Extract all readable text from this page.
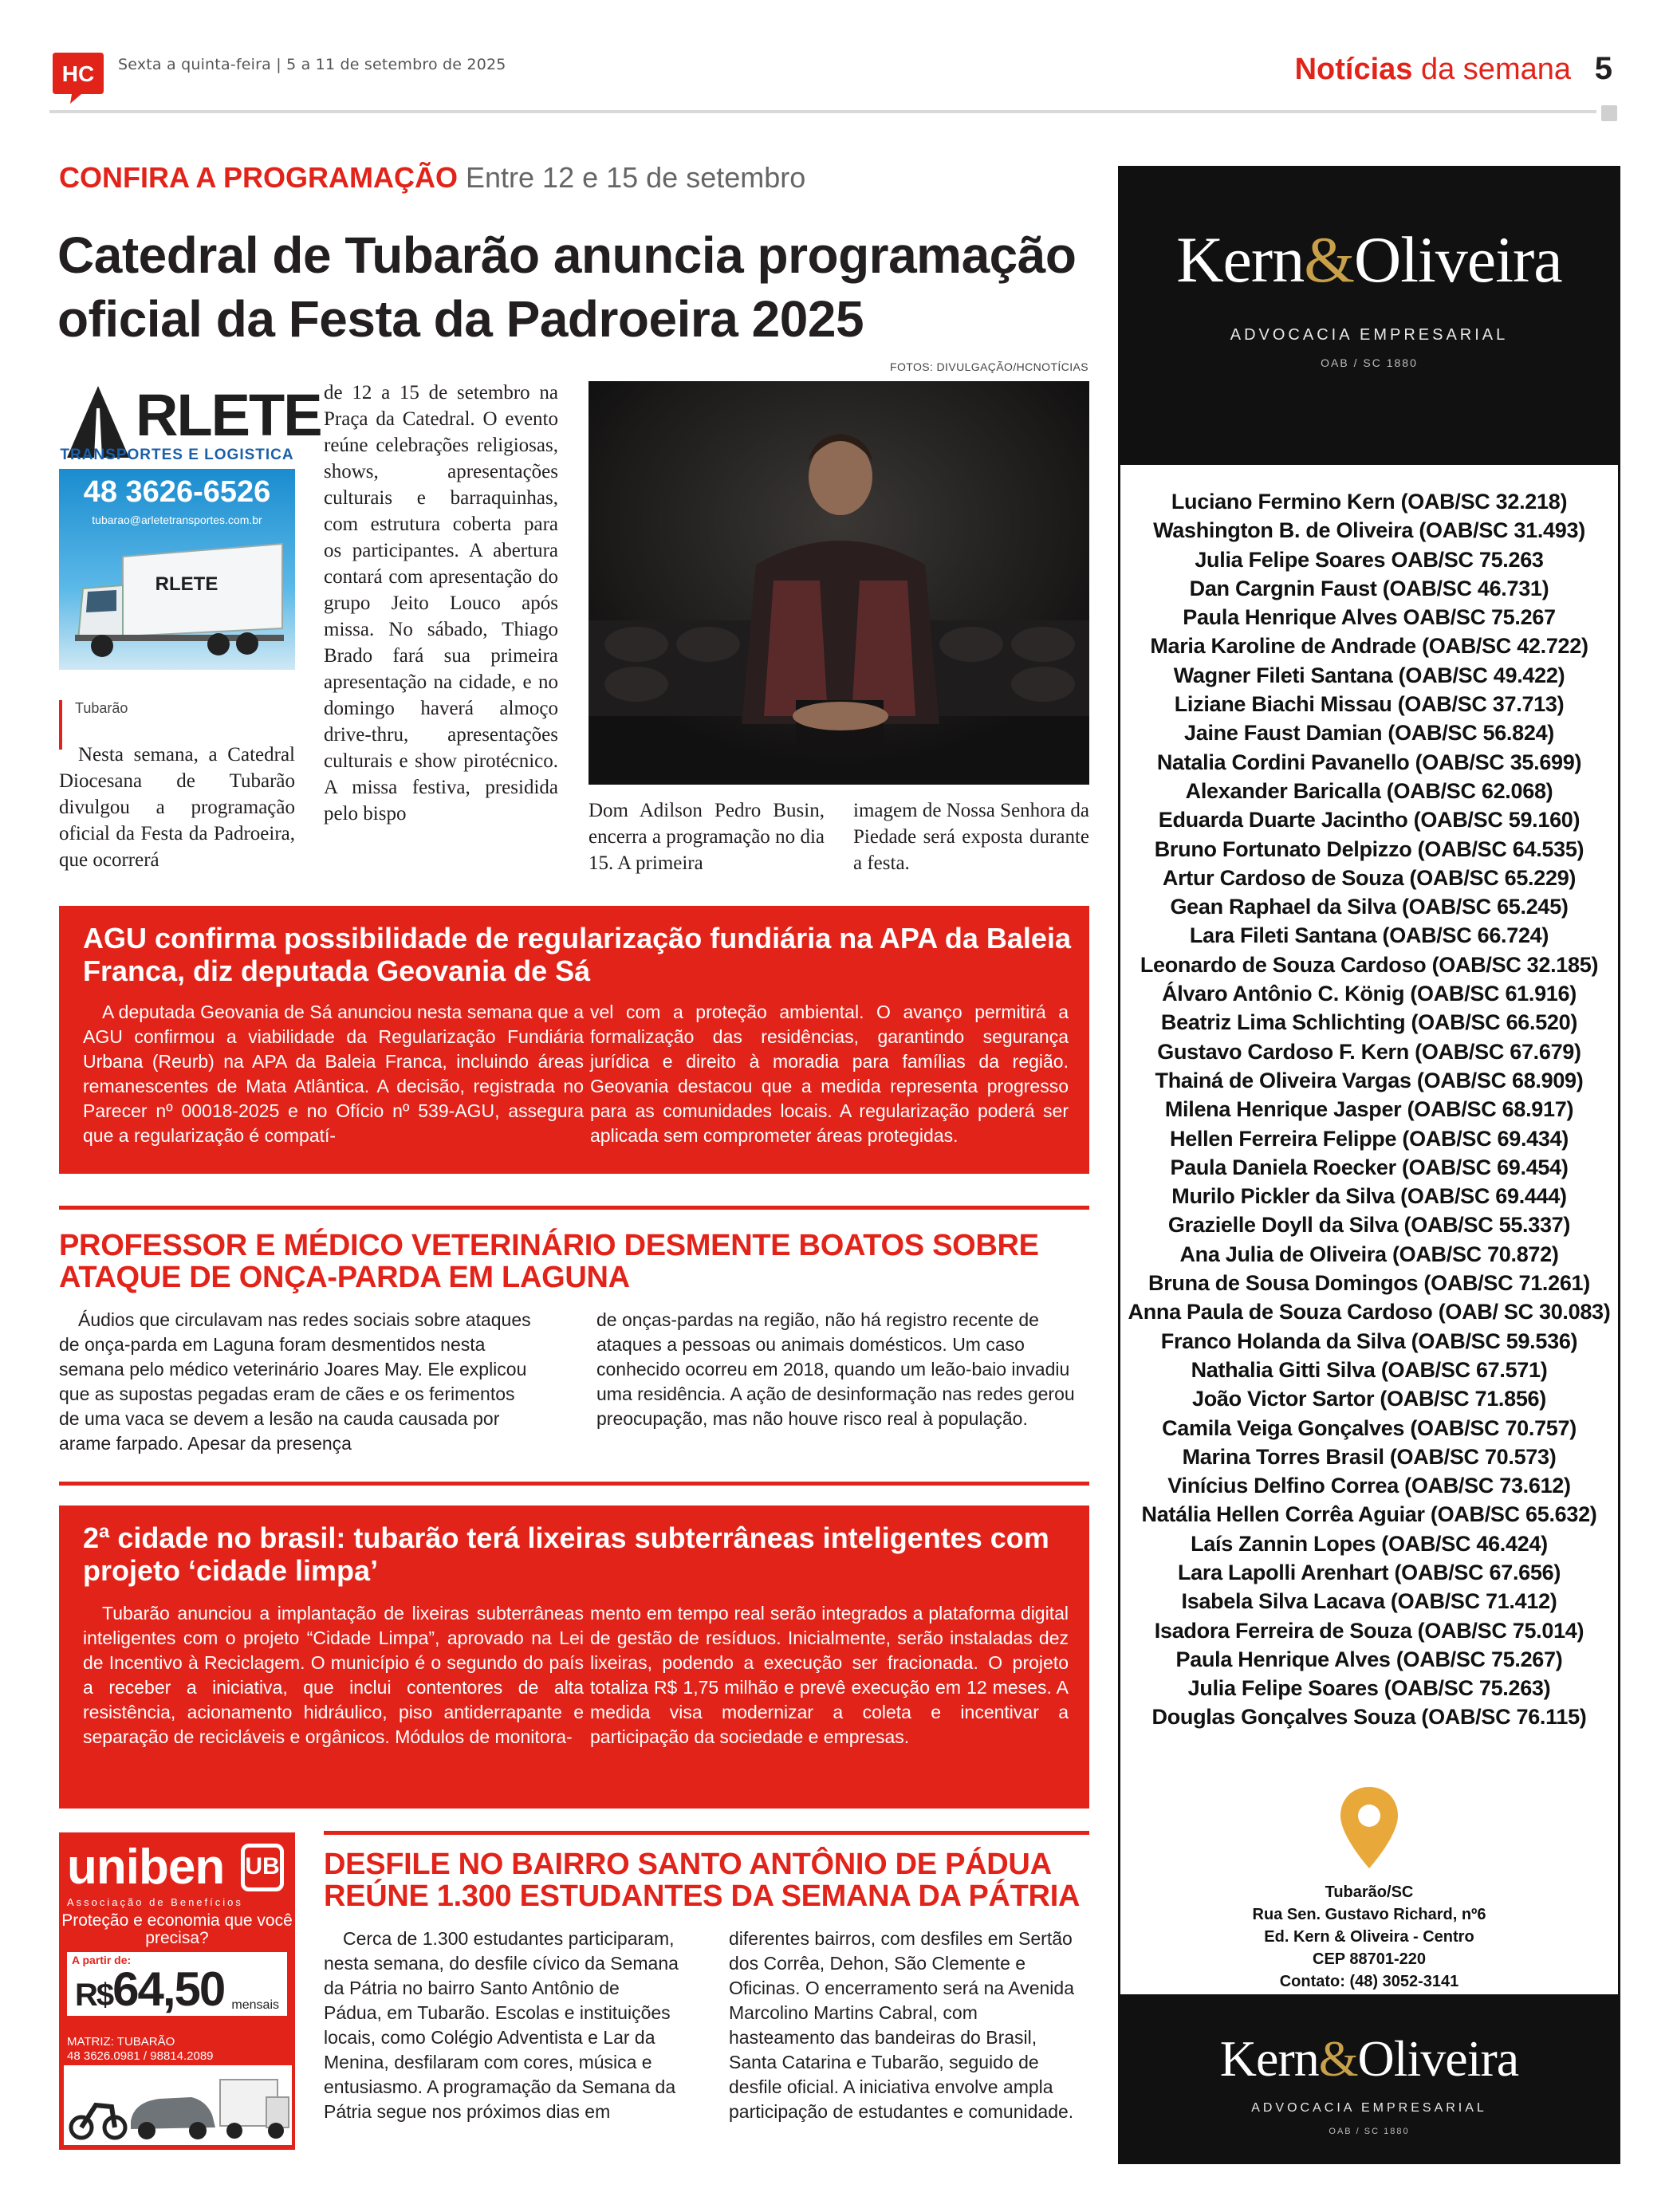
HC Sexta a quinta-feira | 5 a 11 de setembro de 2025	Notícias da semana 5
CONFIRA A PROGRAMAÇÃO Entre 12 e 15 de setembro
Catedral de Tubarão anuncia programação oficial da Festa da Padroeira 2025
FOTOS: DIVULGAÇÃO/HCNOTÍCIAS
RLETE
TRANSPORTES E LOGISTICA
48 3626-6526
tubarao@arletetransportes.com.br
RLETE
Tubarão

Nesta semana, a Catedral Diocesana de Tubarão divulgou a programação oficial da Festa da Padroeira, que ocorrerá

de 12 a 15 de setembro na Praça da Catedral. O evento reúne celebrações religiosas, shows, apresentações culturais e barraquinhas, com estrutura coberta para os participantes. A abertura contará com apresentação do grupo Jeito Louco após missa. No sábado, Thiago Brado fará sua primeira apresentação na cidade, e no domingo haverá almoço drive-thru, apresentações culturais e show pirotécnico. A missa festiva, presidida pelo bispo	Dom Adilson Pedro Busin, encerra a programação no dia 15. A primeira

imagem de Nossa Senhora da Piedade será exposta durante a festa.

AGU confirma possibilidade de regularização fundiária na APA da Baleia Franca, diz deputada Geovania de Sá

A deputada Geovania de Sá anunciou nesta semana que a AGU confirmou a viabilidade da Regularização Fundiária Urbana (Reurb) na APA da Baleia Franca, incluindo áreas remanescentes de Mata Atlântica. A decisão, registrada no Parecer nº 00018-2025 e no Ofício nº 539-AGU, assegura que a regularização é compatí-

vel com a proteção ambiental. O avanço permitirá a formalização das residências, garantindo segurança jurídica e direito à moradia para famílias da região. Geovania destacou que a medida representa progresso para as comunidades locais. A regularização poderá ser aplicada sem comprometer áreas protegidas.

PROFESSOR E MÉDICO VETERINÁRIO DESMENTE BOATOS SOBRE ATAQUE DE ONÇA-PARDA EM LAGUNA

Áudios que circulavam nas redes sociais sobre ataques de onça-parda em Laguna foram desmentidos nesta semana pelo médico veterinário Joares May. Ele explicou que as supostas pegadas eram de cães e os ferimentos de uma vaca se devem a lesão na cauda causada por arame farpado. Apesar da presença

de onças-pardas na região, não há registro recente de ataques a pessoas ou animais domésticos. Um caso conhecido ocorreu em 2018, quando um leão-baio invadiu uma residência. A ação de desinformação nas redes gerou preocupação, mas não houve risco real à população.

2ª cidade no brasil: tubarão terá lixeiras subterrâneas inteligentes com projeto ‘cidade limpa’

Tubarão anunciou a implantação de lixeiras subterrâneas inteligentes com o projeto “Cidade Limpa”, aprovado na Lei de Incentivo à Reciclagem. O município é o segundo do país a receber a iniciativa, que inclui contentores de alta resistência, acionamento hidráulico, piso antiderrapante e separação de recicláveis e orgânicos. Módulos de monitora-

mento em tempo real serão integrados a plataforma digital de gestão de resíduos. Inicialmente, serão instaladas dez lixeiras, podendo a execução ser fracionada. O projeto totaliza R$ 1,75 milhão e prevê execução em 12 meses. A medida visa modernizar a coleta e incentivar a participação da sociedade e empresas.

uniben UB
Associação de Benefícios
Proteção e economia que você precisa?
A partir de:
R$64,50 mensais
MATRIZ: TUBARÃO
48 3626.0981 / 98814.2089
DESFILE NO BAIRRO SANTO ANTÔNIO DE PÁDUA REÚNE 1.300 ESTUDANTES DA SEMANA DA PÁTRIA

Cerca de 1.300 estudantes participaram, nesta semana, do desfile cívico da Semana da Pátria no bairro Santo Antônio de Pádua, em Tubarão. Escolas e instituições locais, como Colégio Adventista e Lar da Menina, desfilaram com cores, música e entusiasmo. A programação da Semana da Pátria segue nos próximos dias em

diferentes bairros, com desfiles em Sertão dos Corrêa, Dehon, São Clemente e Oficinas. O encerramento será na Avenida Marcolino Martins Cabral, com hasteamento das bandeiras do Brasil, Santa Catarina e Tubarão, seguido de desfile oficial. A iniciativa envolve ampla participação de estudantes e comunidade.

Kern&Oliveira
ADVOCACIA EMPRESARIAL
OAB / SC 1880
Luciano Fermino Kern (OAB/SC 32.218)
Washington B. de Oliveira (OAB/SC 31.493)
Julia Felipe Soares OAB/SC 75.263
Dan Cargnin Faust (OAB/SC 46.731)
Paula Henrique Alves OAB/SC 75.267
Maria Karoline de Andrade (OAB/SC 42.722)
Wagner Fileti Santana (OAB/SC 49.422)
Liziane Biachi Missau (OAB/SC 37.713)
Jaine Faust Damian (OAB/SC 56.824)
Natalia Cordini Pavanello (OAB/SC 35.699)
Alexander Baricalla (OAB/SC 62.068)
Eduarda Duarte Jacintho (OAB/SC 59.160)
Bruno Fortunato Delpizzo (OAB/SC 64.535)
Artur Cardoso de Souza (OAB/SC 65.229)
Gean Raphael da Silva (OAB/SC 65.245)
Lara Fileti Santana (OAB/SC 66.724)
Leonardo de Souza Cardoso (OAB/SC 32.185)
Álvaro Antônio C. König (OAB/SC 61.916)
Beatriz Lima Schlichting (OAB/SC 66.520)
Gustavo Cardoso F. Kern (OAB/SC 67.679)
Thainá de Oliveira Vargas (OAB/SC 68.909)
Milena Henrique Jasper (OAB/SC 68.917)
Hellen Ferreira Felippe (OAB/SC 69.434)
Paula Daniela Roecker (OAB/SC 69.454)
Murilo Pickler da Silva (OAB/SC 69.444)
Grazielle Doyll da Silva (OAB/SC 55.337)
Ana Julia de Oliveira (OAB/SC 70.872)
Bruna de Sousa Domingos (OAB/SC 71.261)
Anna Paula de Souza Cardoso (OAB/ SC 30.083)
Franco Holanda da Silva (OAB/SC 59.536)
Nathalia Gitti Silva (OAB/SC 67.571)
João Victor Sartor (OAB/SC 71.856)
Camila Veiga Gonçalves (OAB/SC 70.757)
Marina Torres Brasil (OAB/SC 70.573)
Vinícius Delfino Correa (OAB/SC 73.612)
Natália Hellen Corrêa Aguiar (OAB/SC 65.632)
Laís Zannin Lopes (OAB/SC 46.424)
Lara Lapolli Arenhart (OAB/SC 67.656)
Isabela Silva Lacava (OAB/SC 71.412)
Isadora Ferreira de Souza (OAB/SC 75.014)
Paula Henrique Alves (OAB/SC 75.267)
Julia Felipe Soares (OAB/SC 75.263)
Douglas Gonçalves Souza (OAB/SC 76.115)
Tubarão/SC
Rua Sen. Gustavo Richard, nº6
Ed. Kern & Oliveira - Centro
CEP 88701-220
Contato: (48) 3052-3141
Kern&Oliveira
ADVOCACIA EMPRESARIAL
OAB / SC 1880
